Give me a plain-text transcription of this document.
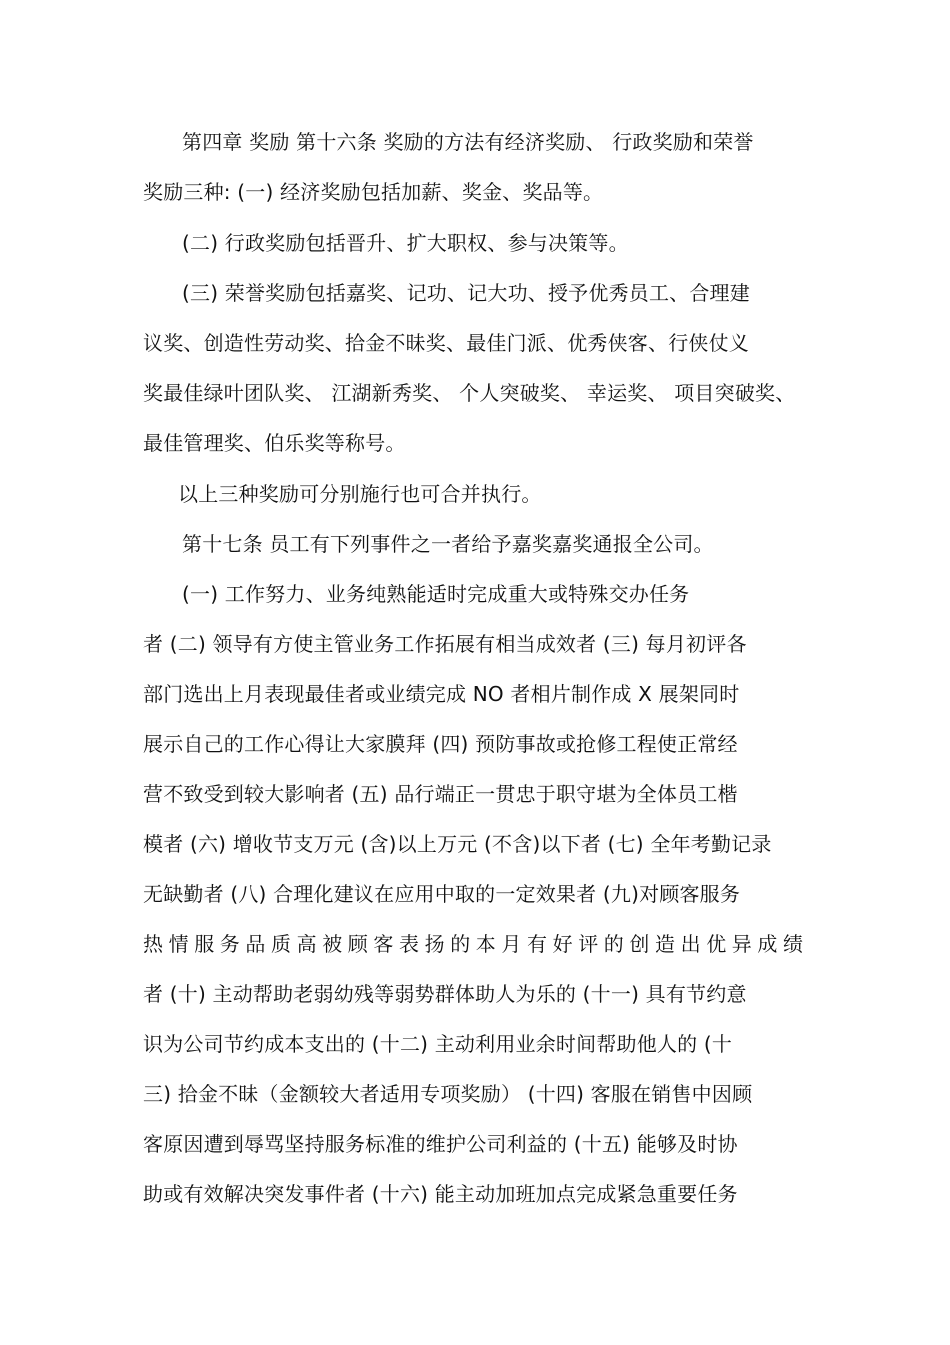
第四章 奖励 第十六条 奖励的方法有经济奖励、 行政奖励和荣誉
奖励三种: (一) 经济奖励包括加薪、奖金、奖品等。
(二) 行政奖励包括晋升、扩大职权、参与决策等。
(三) 荣誉奖励包括嘉奖、记功、记大功、授予优秀员工、合理建
议奖、创造性劳动奖、拾金不昧奖、最佳门派、优秀侠客、行侠仗义
奖最佳绿叶团队奖、 江湖新秀奖、 个人突破奖、 幸运奖、 项目突破奖、
最佳管理奖、伯乐奖等称号。
以上三种奖励可分别施行也可合并执行。
第十七条 员工有下列事件之一者给予嘉奖嘉奖通报全公司。
(一) 工作努力、业务纯熟能适时完成重大或特殊交办任务
者 (二) 领导有方使主管业务工作拓展有相当成效者 (三) 每月初评各
部门选出上月表现最佳者或业绩完成 NO 者相片制作成 X 展架同时
展示自己的工作心得让大家膜拜 (四) 预防事故或抢修工程使正常经
营不致受到较大影响者 (五) 品行端正一贯忠于职守堪为全体员工楷
模者 (六) 增收节支万元 (含)以上万元 (不含)以下者 (七) 全年考勤记录
无缺勤者 (八) 合理化建议在应用中取的一定效果者 (九)对顾客服务
热情服务品质高被顾客表扬的本月有好评的创造出优异成绩
者 (十) 主动帮助老弱幼残等弱势群体助人为乐的 (十一) 具有节约意
识为公司节约成本支出的 (十二) 主动利用业余时间帮助他人的 (十
三) 拾金不昧（金额较大者适用专项奖励） (十四) 客服在销售中因顾
客原因遭到辱骂坚持服务标准的维护公司利益的 (十五) 能够及时协
助或有效解决突发事件者 (十六) 能主动加班加点完成紧急重要任务
